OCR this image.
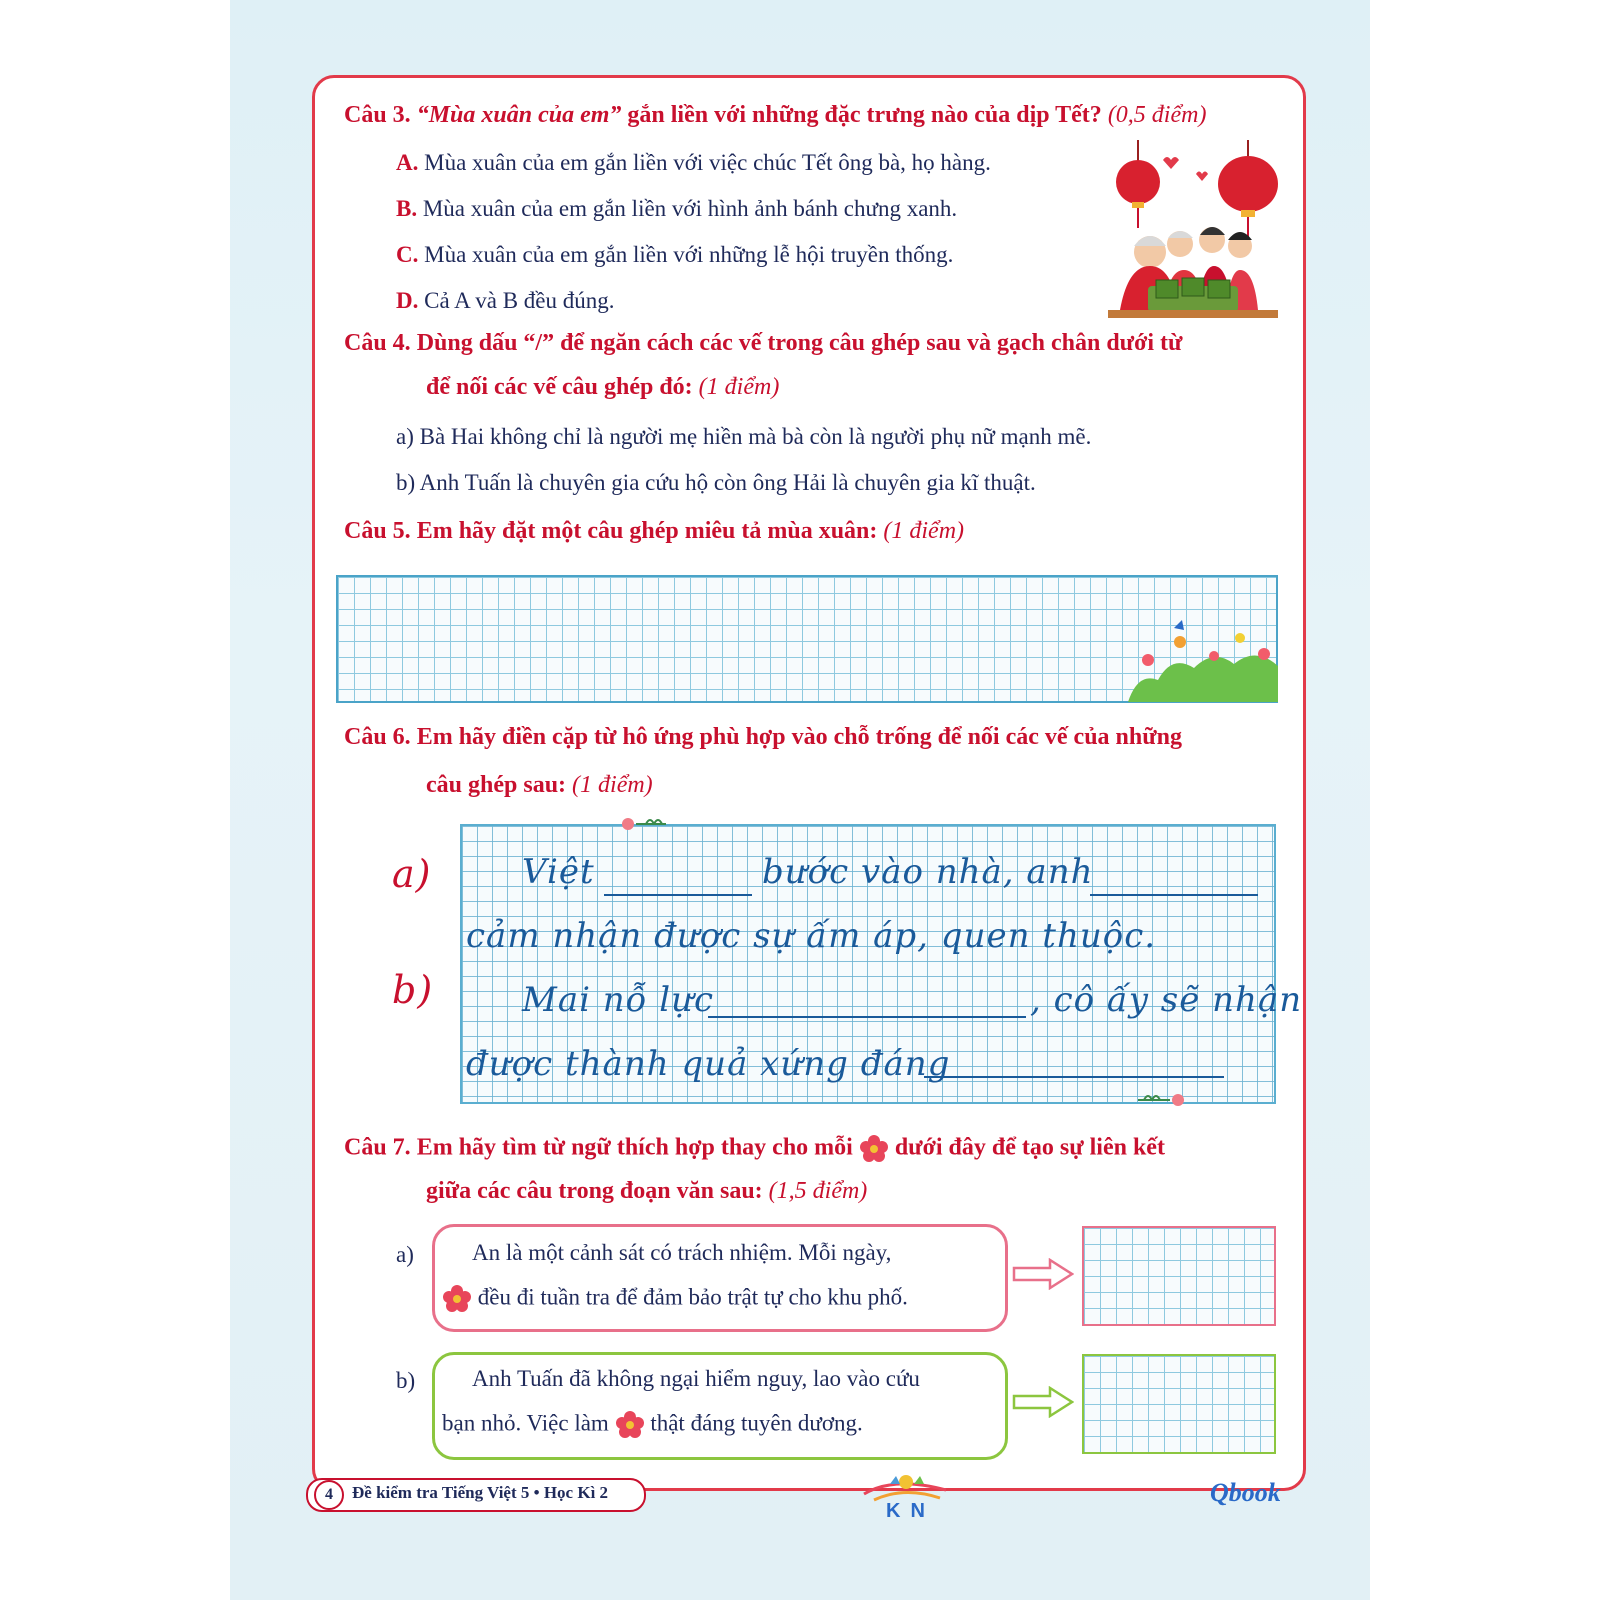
Câu 3. “Mùa xuân của em” gắn liền với những đặc trưng nào của dịp Tết? (0,5 điểm)
A. Mùa xuân của em gắn liền với việc chúc Tết ông bà, họ hàng.
B. Mùa xuân của em gắn liền với hình ảnh bánh chưng xanh.
C. Mùa xuân của em gắn liền với những lễ hội truyền thống.
D. Cả A và B đều đúng.
Câu 4. Dùng dấu “/” để ngăn cách các vế trong câu ghép sau và gạch chân dưới từ
để nối các vế câu ghép đó: (1 điểm)
a) Bà Hai không chỉ là người mẹ hiền mà bà còn là người phụ nữ mạnh mẽ.
b) Anh Tuấn là chuyên gia cứu hộ còn ông Hải là chuyên gia kĩ thuật.
Câu 5. Em hãy đặt một câu ghép miêu tả mùa xuân: (1 điểm)
Câu 6. Em hãy điền cặp từ hô ứng phù hợp vào chỗ trống để nối các vế của những
câu ghép sau: (1 điểm)
a)
b)
Việt	bước vào nhà, anh
cảm nhận được sự ấm áp, quen thuộc.
Mai nỗ lực	, cô ấy sẽ nhận
được thành quả xứng đáng
Câu 7. Em hãy tìm từ ngữ thích hợp thay cho mỗi  dưới đây để tạo sự liên kết
giữa các câu trong đoạn văn sau: (1,5 điểm)
a)	An là một cảnh sát có trách nhiệm. Mỗi ngày,
đều đi tuần tra để đảm bảo trật tự cho khu phố.
b) Anh Tuấn đã không ngại hiểm nguy, lao vào cứu
bạn nhỏ. Việc làm  thật đáng tuyên dương.
4	Đề kiểm tra Tiếng Việt 5 • Học Kì 2
KN
Qbook
